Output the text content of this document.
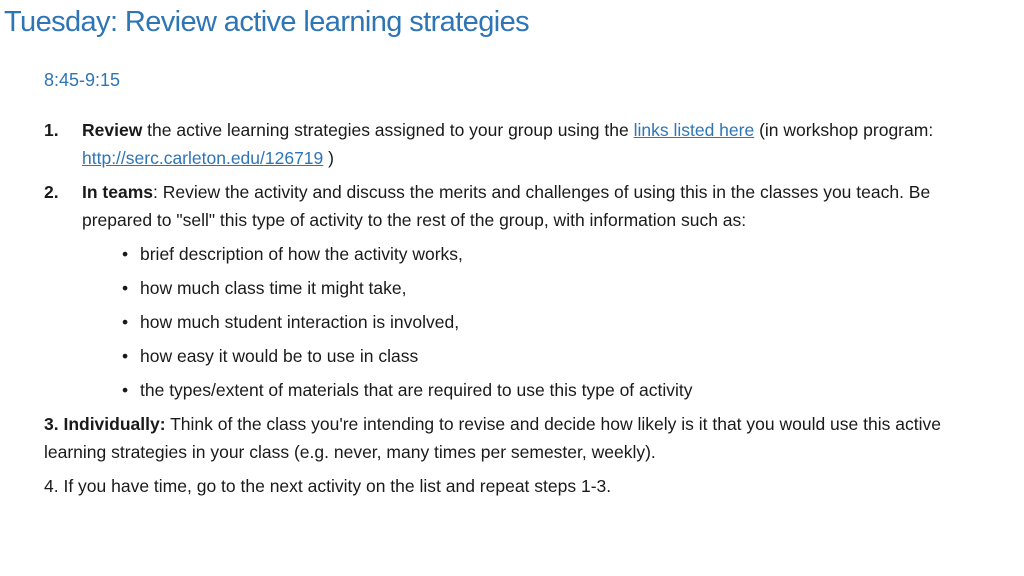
Tuesday: Review active learning strategies
8:45-9:15
1. Review the active learning strategies assigned to your group using the links listed here (in workshop program: http://serc.carleton.edu/126719 )
2. In teams: Review the activity and discuss the merits and challenges of using this in the classes you teach. Be prepared to "sell" this type of activity to the rest of the group, with information such as:
• brief description of how the activity works,
• how much class time it might take,
• how much student interaction is involved,
• how easy it would be to use in class
• the types/extent of materials that are required to use this type of activity
3. Individually: Think of the class you're intending to revise and decide how likely is it that you would use this active learning strategies in your class (e.g. never, many times per semester, weekly).
4. If you have time, go to the next activity on the list and repeat steps 1-3.
